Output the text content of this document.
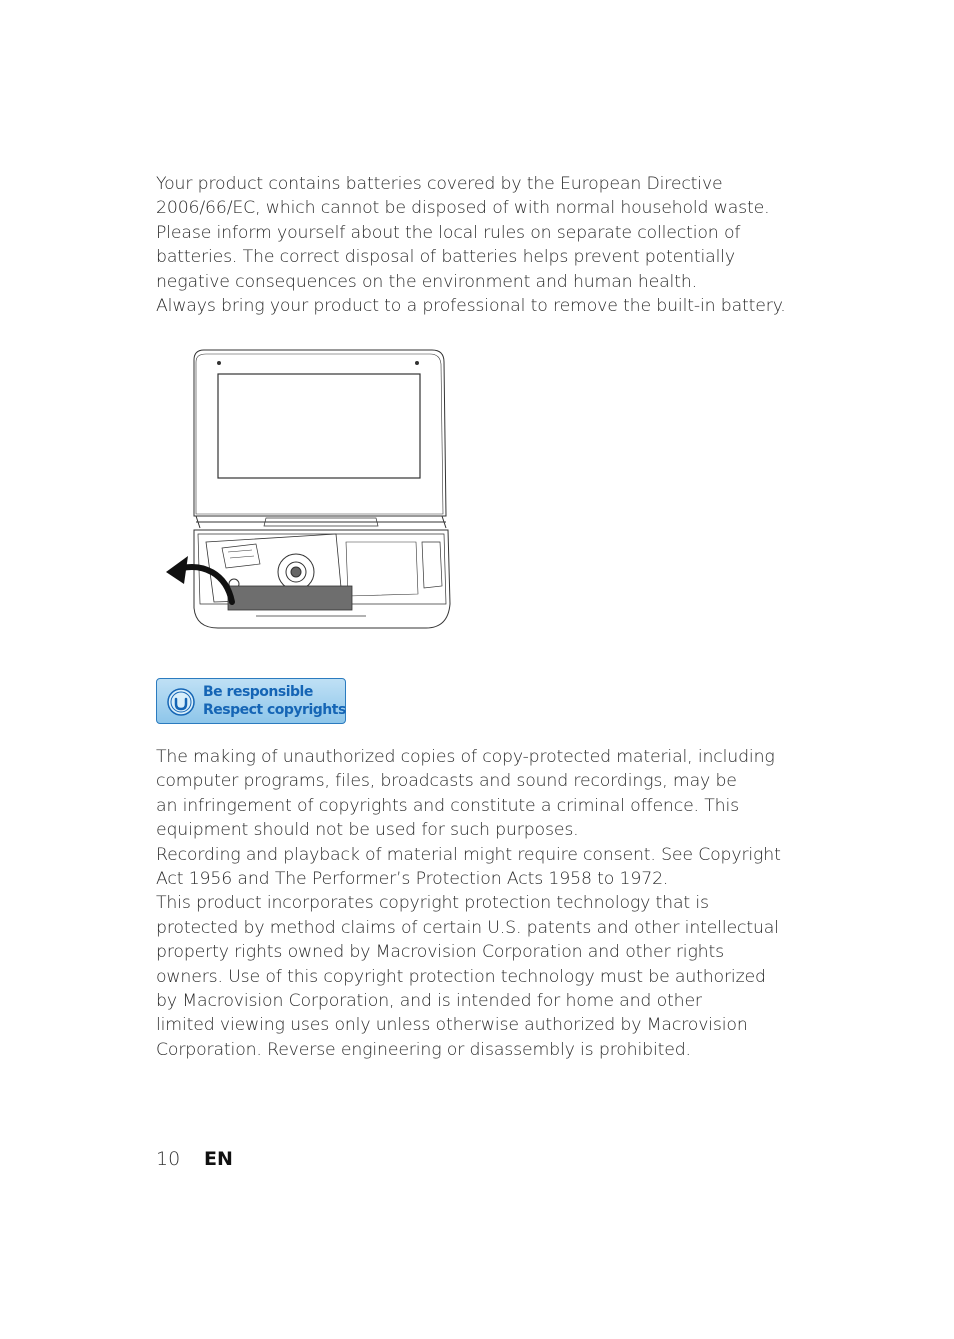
Your product contains batteries covered by the European Directive
2006/66/EC, which cannot be disposed of with normal household waste.
Please inform yourself about the local rules on separate collection of
batteries. The correct disposal of batteries helps prevent potentially
negative consequences on the environment and human health.
Always bring your product to a professional to remove the built-in battery.

Be responsible
Respect copyrights

The making of unauthorized copies of copy-protected material, including
computer programs, files, broadcasts and sound recordings, may be
an infringement of copyrights and constitute a criminal offence. This
equipment should not be used for such purposes.
Recording and playback of material might require consent. See Copyright
Act 1956 and The Performer’s Protection Acts 1958 to 1972.
This product incorporates copyright protection technology that is
protected by method claims of certain U.S. patents and other intellectual
property rights owned by Macrovision Corporation and other rights
owners. Use of this copyright protection technology must be authorized
by Macrovision Corporation, and is intended for home and other
limited viewing uses only unless otherwise authorized by Macrovision
Corporation. Reverse engineering or disassembly is prohibited.

10 EN
